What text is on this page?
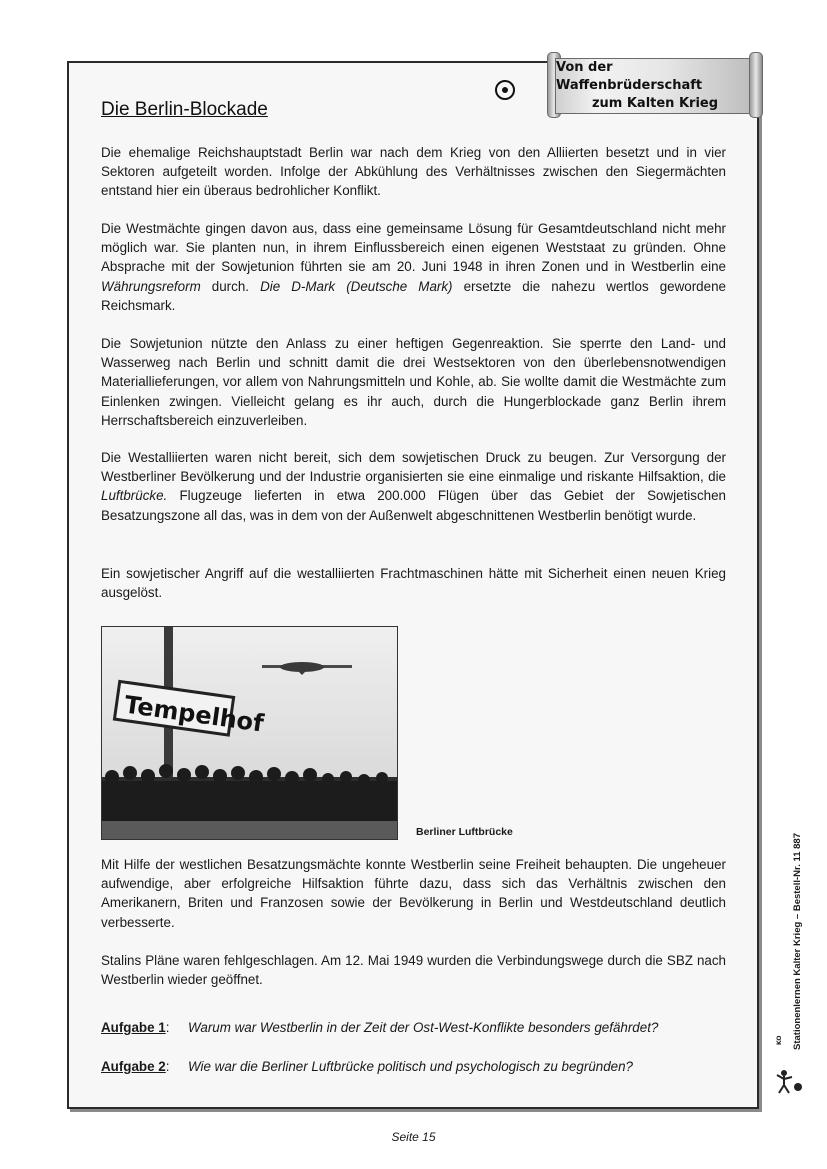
Von der Waffenbrüderschaft
zum Kalten Krieg
Die Berlin-Blockade

Die ehemalige Reichshauptstadt Berlin war nach dem Krieg von den Alliierten besetzt und in vier Sektoren aufgeteilt worden. Infolge der Abkühlung des Verhältnisses zwischen den Siegermächten entstand hier ein überaus bedrohlicher Konflikt.

Die Westmächte gingen davon aus, dass eine gemeinsame Lösung für Gesamtdeutschland nicht mehr möglich war. Sie planten nun, in ihrem Einflussbereich einen eigenen Weststaat zu gründen. Ohne Absprache mit der Sowjetunion führten sie am 20. Juni 1948 in ihren Zonen und in Westberlin eine Währungsreform durch. Die D-Mark (Deutsche Mark) ersetzte die nahezu wertlos gewordene Reichsmark.

Die Sowjetunion nützte den Anlass zu einer heftigen Gegenreaktion. Sie sperrte den Land- und Wasserweg nach Berlin und schnitt damit die drei Westsektoren von den überlebensnotwendigen Materiallieferungen, vor allem von Nahrungsmitteln und Kohle, ab. Sie wollte damit die Westmächte zum Einlenken zwingen. Vielleicht gelang es ihr auch, durch die Hungerblockade ganz Berlin ihrem Herrschaftsbereich einzuverleiben.

Die Westalliierten waren nicht bereit, sich dem sowjetischen Druck zu beugen. Zur Versorgung der Westberliner Bevölkerung und der Industrie organisierten sie eine einmalige und riskante Hilfsaktion, die Luftbrücke. Flugzeuge lieferten in etwa 200.000 Flügen über das Gebiet der Sowjetischen Besatzungszone all das, was in dem von der Außenwelt abgeschnittenen Westberlin benötigt wurde.

Ein sowjetischer Angriff auf die westalliierten Frachtmaschinen hätte mit Sicherheit einen neuen Krieg ausgelöst.

Tempelhof
Berliner Luftbrücke

Mit Hilfe der westlichen Besatzungsmächte konnte Westberlin seine Freiheit behaupten. Die ungeheuer aufwendige, aber erfolgreiche Hilfsaktion führte dazu, dass sich das Verhältnis zwischen den Amerikanern, Briten und Franzosen sowie der Bevölkerung in Berlin und Westdeutschland deutlich verbesserte.

Stalins Pläne waren fehlgeschlagen. Am 12. Mai 1949 wurden die Verbindungswege durch die SBZ nach Westberlin wieder geöffnet.

Aufgabe 1: Warum war Westberlin in der Zeit der Ost-West-Konflikte besonders gefährdet?
Aufgabe 2: Wie war die Berliner Luftbrücke politisch und psychologisch zu begründen?
Stationenlernen Kalter Krieg – Bestell-Nr. 11 887
KOHL
Seite 15
